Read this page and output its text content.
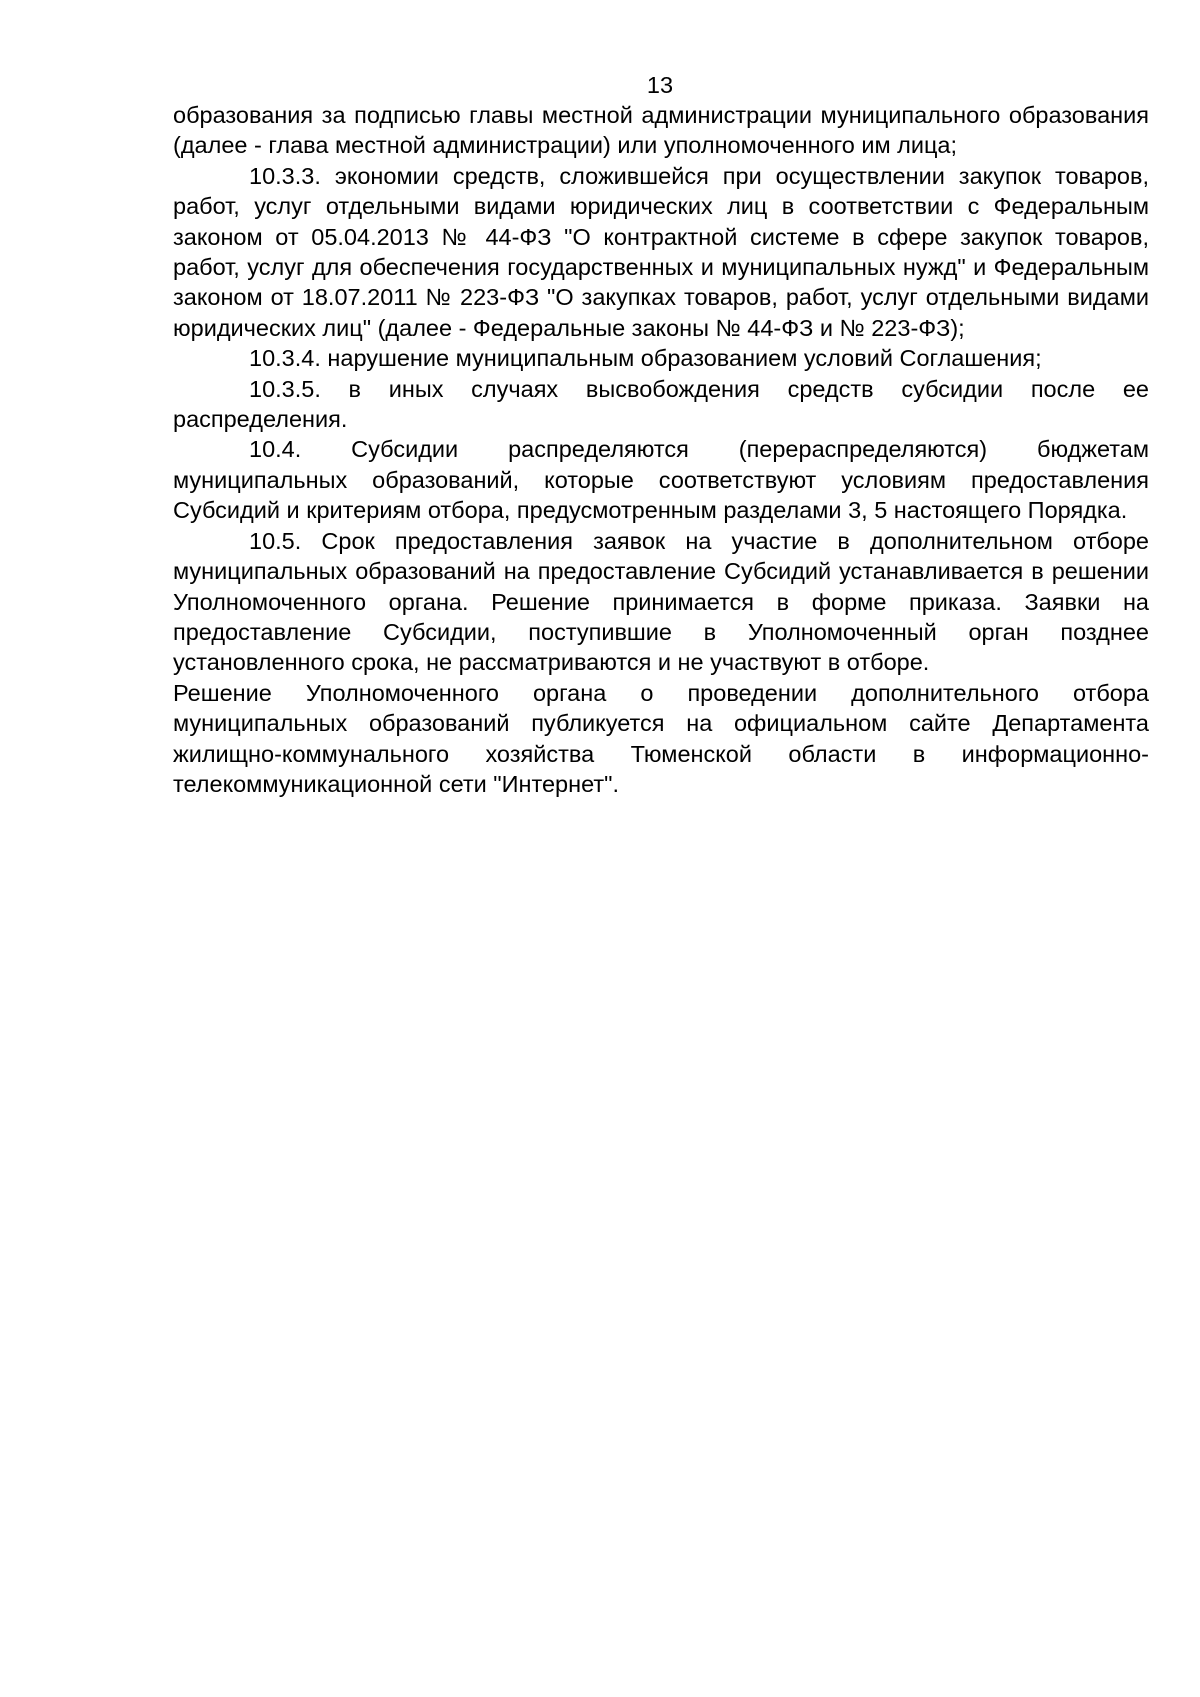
13

образования за подписью главы местной администрации муниципального образования (далее - глава местной администрации) или уполномоченного им лица;

10.3.3. экономии средств, сложившейся при осуществлении закупок товаров, работ, услуг отдельными видами юридических лиц в соответствии с Федеральным законом от 05.04.2013 № 44-ФЗ "О контрактной системе в сфере закупок товаров, работ, услуг для обеспечения государственных и муниципальных нужд" и Федеральным законом от 18.07.2011 № 223-ФЗ "О закупках товаров, работ, услуг отдельными видами юридических лиц" (далее - Федеральные законы № 44-ФЗ и № 223-ФЗ);

10.3.4. нарушение муниципальным образованием условий Соглашения;

10.3.5. в иных случаях высвобождения средств субсидии после ее распределения.

10.4. Субсидии распределяются (перераспределяются) бюджетам муниципальных образований, которые соответствуют условиям предоставления Субсидий и критериям отбора, предусмотренным разделами 3, 5 настоящего Порядка.

10.5. Срок предоставления заявок на участие в дополнительном отборе муниципальных образований на предоставление Субсидий устанавливается в решении Уполномоченного органа. Решение принимается в форме приказа. Заявки на предоставление Субсидии, поступившие в Уполномоченный орган позднее установленного срока, не рассматриваются и не участвуют в отборе.

Решение Уполномоченного органа о проведении дополнительного отбора муниципальных образований публикуется на официальном сайте Департамента жилищно-коммунального хозяйства Тюменской области в информационно-телекоммуникационной сети "Интернет".
